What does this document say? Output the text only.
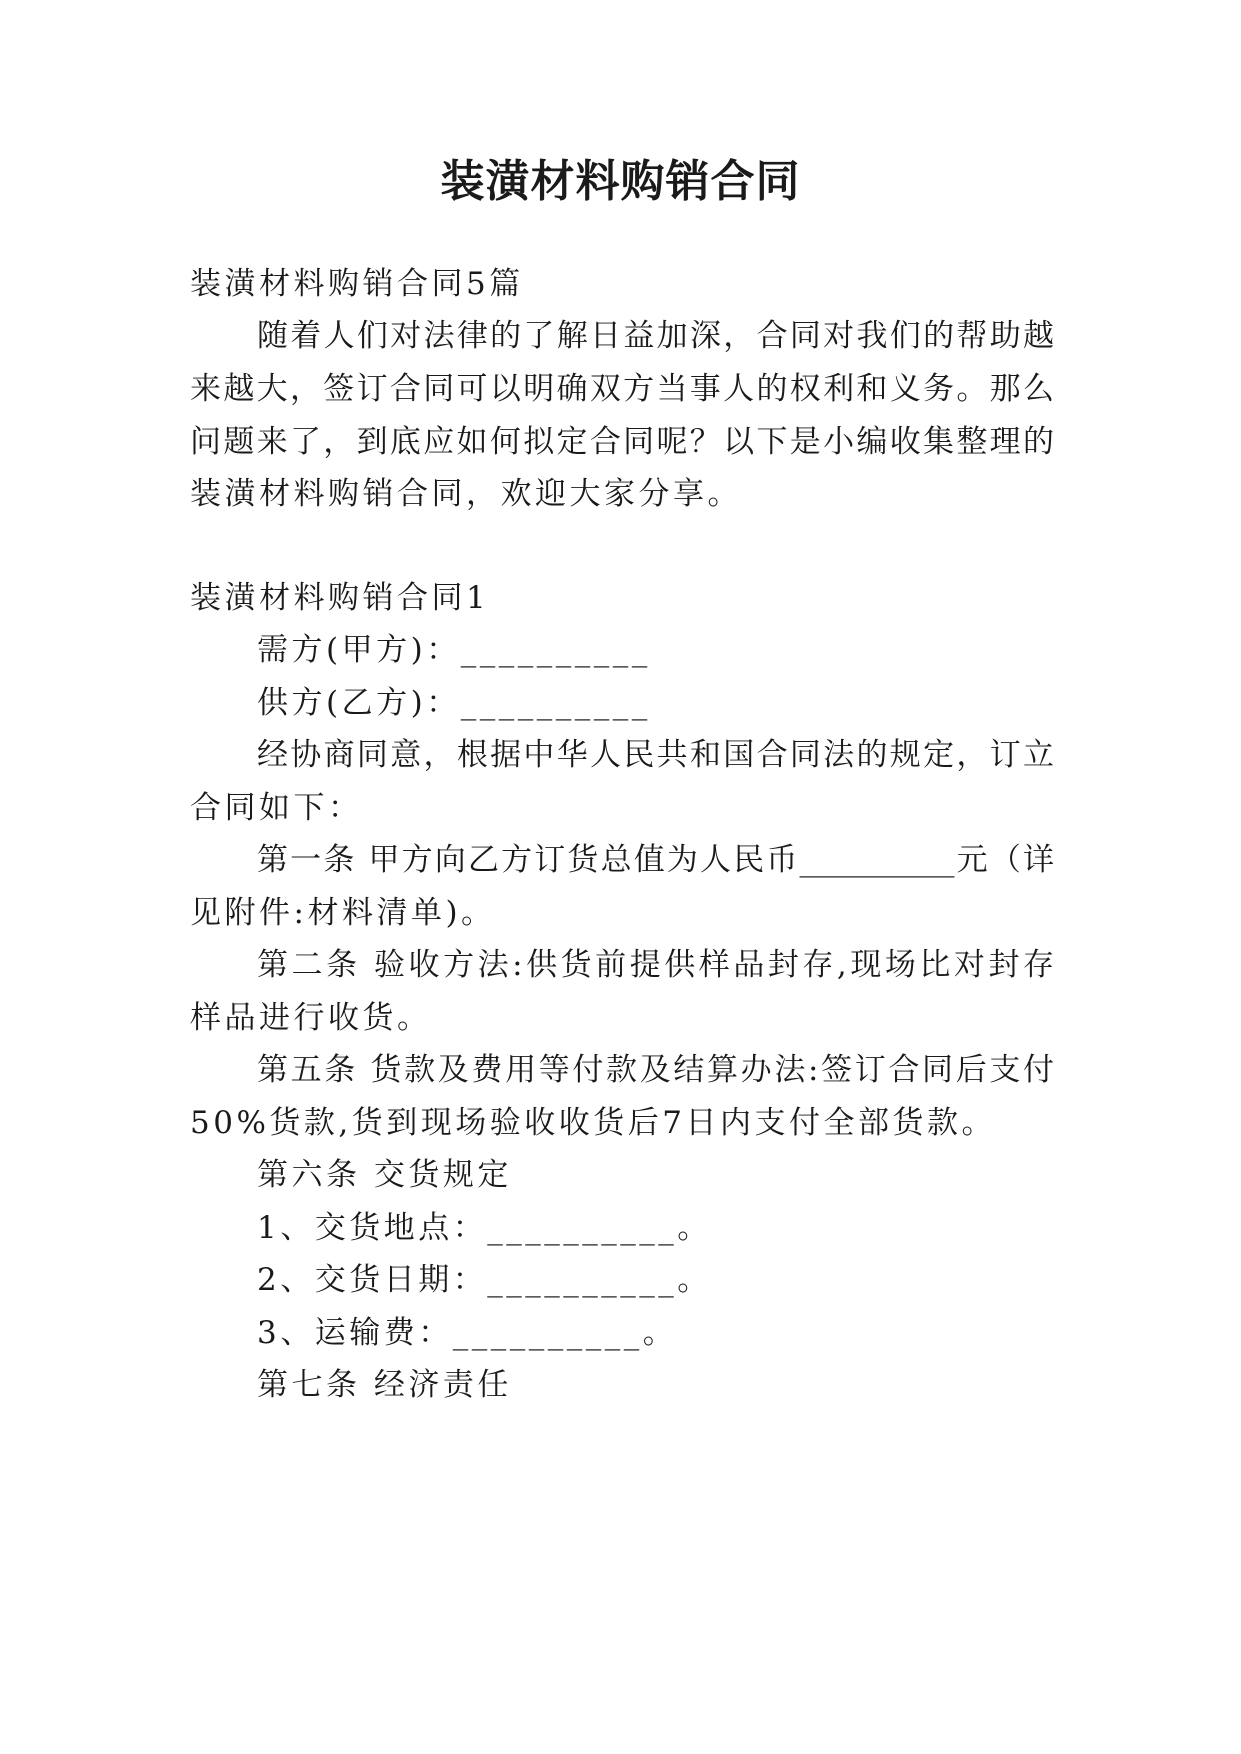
装潢材料购销合同
装潢材料购销合同5篇
随着人们对法律的了解日益加深，合同对我们的帮助越
来越大，签订合同可以明确双方当事人的权利和义务。那么
问题来了，到底应如何拟定合同呢？以下是小编收集整理的
装潢材料购销合同，欢迎大家分享。
装潢材料购销合同1
需方(甲方)：__________
供方(乙方)：__________
经协商同意，根据中华人民共和国合同法的规定，订立
合同如下：
第一条 甲方向乙方订货总值为人民币__________元（详
见附件:材料清单)。
第二条 验收方法:供货前提供样品封存,现场比对封存
样品进行收货。
第五条 货款及费用等付款及结算办法:签订合同后支付
50%货款,货到现场验收收货后7日内支付全部货款。
第六条 交货规定
1、交货地点：__________。
2、交货日期：__________。
3、运输费：__________。
第七条 经济责任
